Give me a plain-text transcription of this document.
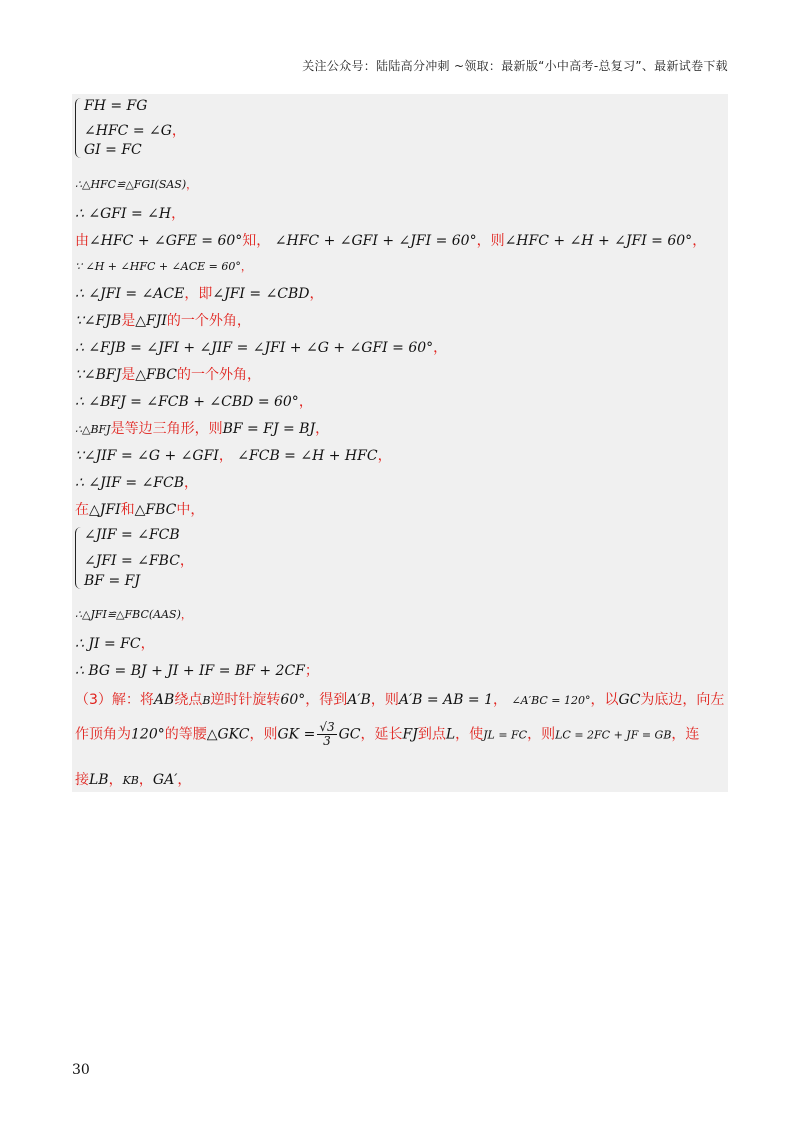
关注公众号：陆陆高分冲刺 ~领取：最新版“小中高考-总复习”、最新试卷下载
FH = FG
∠HFC = ∠G，
GI = FC
∴△HFC≌△FGI(SAS)，
∴ ∠GFI = ∠H，
由∠HFC + ∠GFE = 60°知， ∠HFC + ∠GFI + ∠JFI = 60°，则∠HFC + ∠H + ∠JFI = 60°，
∵ ∠H + ∠HFC + ∠ACE = 60°，
∴ ∠JFI = ∠ACE，即∠JFI = ∠CBD，
∵∠FJB是△FJI的一个外角，
∴ ∠FJB = ∠JFI + ∠JIF = ∠JFI + ∠G + ∠GFI = 60°，
∵∠BFJ是△FBC的一个外角，
∴ ∠BFJ = ∠FCB + ∠CBD = 60°，
∴△BFJ是等边三角形，则BF = FJ = BJ，
∵∠JIF = ∠G + ∠GFI， ∠FCB = ∠H + HFC，
∴ ∠JIF = ∠FCB，
在△JFI和△FBC中，
∠JIF = ∠FCB
∠JFI = ∠FBC，
BF = FJ
∴△JFI≌△FBC(AAS)，
∴ JI = FC，
∴ BG = BJ + JI + IF = BF + 2CF；
（3）解：将AB绕点B逆时针旋转60°，得到A′B，则A′B = AB = 1， ∠A′BC = 120°，以GC为底边，向左
作顶角为120°的等腰△GKC，则GK = $\frac{√3}{3}$ GC，延长FJ到点L，使JL = FC，则LC = 2FC + JF = GB，连
接LB，KB，GA′，
30
